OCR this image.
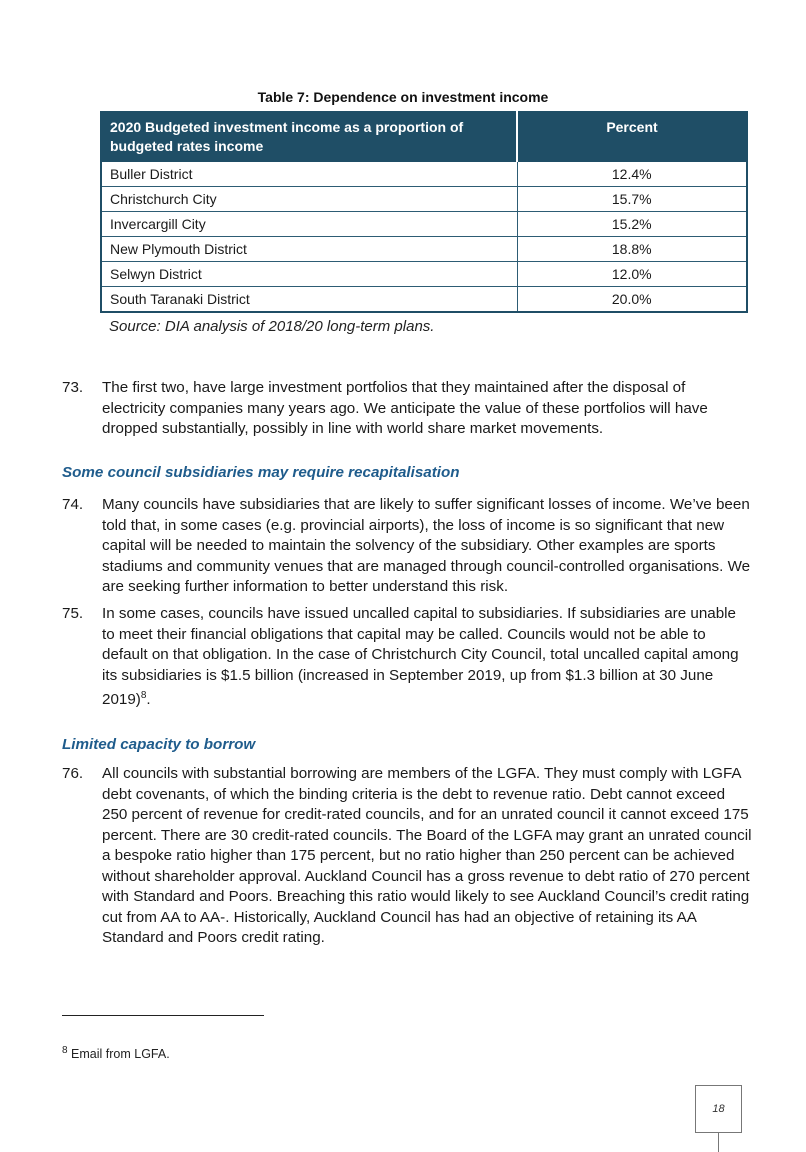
Table 7: Dependence on investment income
2020 Budgeted investment income as a proportion of budgeted rates income	Percent
Buller District	12.4%
Christchurch City	15.7%
Invercargill City	15.2%
New Plymouth District	18.8%
Selwyn District	12.0%
South Taranaki District	20.0%
Source: DIA analysis of 2018/20 long-term plans.
73. The first two, have large investment portfolios that they maintained after the disposal of electricity companies many years ago. We anticipate the value of these portfolios will have dropped substantially, possibly in line with world share market movements.
Some council subsidiaries may require recapitalisation
74. Many councils have subsidiaries that are likely to suffer significant losses of income. We’ve been told that, in some cases (e.g. provincial airports), the loss of income is so significant that new capital will be needed to maintain the solvency of the subsidiary. Other examples are sports stadiums and community venues that are managed through council-controlled organisations. We are seeking further information to better understand this risk.
75. In some cases, councils have issued uncalled capital to subsidiaries. If subsidiaries are unable to meet their financial obligations that capital may be called. Councils would not be able to default on that obligation. In the case of Christchurch City Council, total uncalled capital among its subsidiaries is $1.5 billion (increased in September 2019, up from $1.3 billion at 30 June 2019)$^8$.
Limited capacity to borrow
76. All councils with substantial borrowing are members of the LGFA. They must comply with LGFA debt covenants, of which the binding criteria is the debt to revenue ratio. Debt cannot exceed 250 percent of revenue for credit-rated councils, and for an unrated council it cannot exceed 175 percent. There are 30 credit-rated councils. The Board of the LGFA may grant an unrated council a bespoke ratio higher than 175 percent, but no ratio higher than 250 percent can be achieved without shareholder approval. Auckland Council has a gross revenue to debt ratio of 270 percent with Standard and Poors. Breaching this ratio would likely to see Auckland Council’s credit rating cut from AA to AA-. Historically, Auckland Council has had an objective of retaining its AA Standard and Poors credit rating.
$^8$ Email from LGFA.
18
